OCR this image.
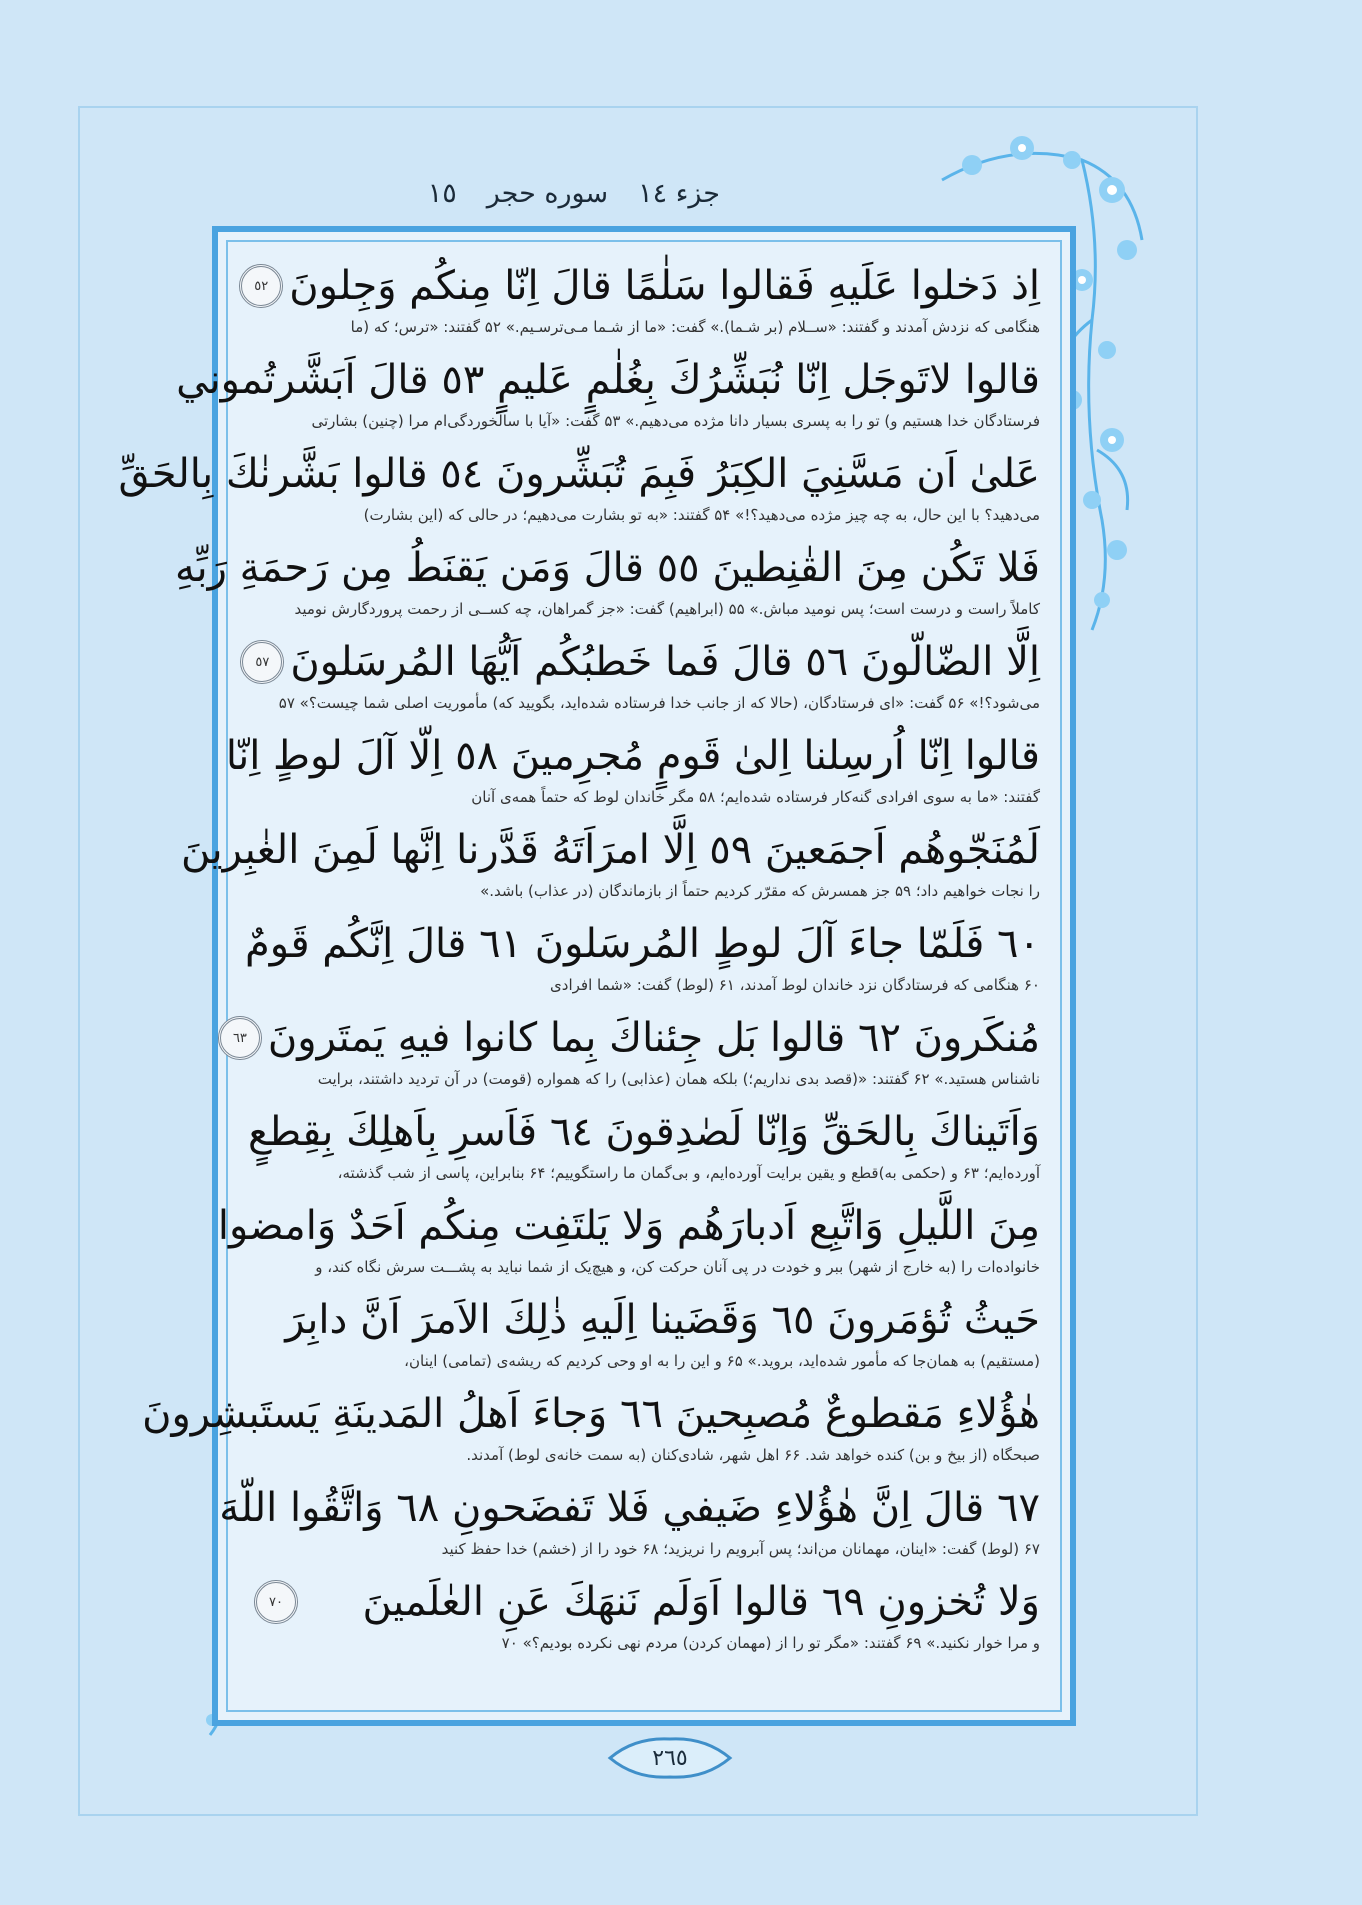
جزء ١٤
سوره حجر
١٥
اِذ دَخلوا عَلَيهِ فَقالوا سَلٰمًا قالَ اِنّا مِنكُم وَجِلونَ
٥٢
هنگامی که نزدش آمدند و گفتند: «ســلام (بر شـما).» گفت: «ما از شـما مـی‌ترسـیم.» ۵۲ گفتند: «ترس؛ که (ما
قالوا لاتَوجَل اِنّا نُبَشِّرُكَ بِغُلٰمٍ عَليمٍ ٥٣ قالَ اَبَشَّرتُموني
فرستادگان خدا هستیم و) تو را به پسری بسیار دانا مژده می‌دهیم.» ۵۳ گفت: «آیا با سالخوردگی‌ام مرا (چنین) بشارتی
عَلىٰ اَن مَسَّنِيَ الكِبَرُ فَبِمَ تُبَشِّرونَ ٥٤ قالوا بَشَّرنٰكَ بِالحَقِّ
می‌دهید؟ با این حال، به چه چیز مژده می‌دهید؟!» ۵۴ گفتند: «به تو بشارت می‌دهیم؛ در حالی که (این بشارت)
فَلا تَكُن مِنَ القٰنِطينَ ٥٥ قالَ وَمَن يَقنَطُ مِن رَحمَةِ رَبِّهِ
کاملاً راست و درست است؛ پس نومید مباش.» ۵۵ (ابراهیم) گفت: «جز گمراهان، چه کســی از رحمت پروردگارش نومید
اِلَّا الضّالّونَ ٥٦ قالَ فَما خَطبُكُم اَيُّهَا المُرسَلونَ
٥٧
می‌شود؟!» ۵۶ گفت: «ای فرستادگان، (حالا که از جانب خدا فرستاده شده‌اید، بگویید که) مأموریت اصلی شما چیست؟» ۵۷
قالوا اِنّا اُرسِلنا اِلىٰ قَومٍ مُجرِمينَ ٥٨ اِلّا آلَ لوطٍ اِنّا
گفتند: «ما به سوی افرادی گنه‌کار فرستاده شده‌ایم؛ ۵۸ مگر خاندان لوط که حتماً همه‌ی آنان
لَمُنَجّوهُم اَجمَعينَ ٥٩ اِلَّا امرَاَتَهُ قَدَّرنا اِنَّها لَمِنَ الغٰبِرينَ
را نجات خواهیم داد؛ ۵۹ جز همسرش که مقرّر کردیم حتماً از بازماندگان (در عذاب) باشد.»
٦٠ فَلَمّا جاءَ آلَ لوطٍ المُرسَلونَ ٦١ قالَ اِنَّكُم قَومٌ
۶۰ هنگامی که فرستادگان نزد خاندان لوط آمدند، ۶۱ (لوط) گفت: «شما افرادی
مُنكَرونَ ٦٢ قالوا بَل جِئناكَ بِما كانوا فيهِ يَمتَرونَ
٦٣
ناشناس هستید.» ۶۲ گفتند: «(قصد بدی نداریم؛) بلکه همان (عذابی) را که همواره (قومت) در آن تردید داشتند، برایت
وَاَتَيناكَ بِالحَقِّ وَاِنّا لَصٰدِقونَ ٦٤ فَاَسرِ بِاَهلِكَ بِقِطعٍ
آورده‌ایم؛ ۶۳ و (حکمی به)قطع و یقین برایت آورده‌ایم، و بی‌گمان ما راستگوییم؛ ۶۴ بنابراین، پاسی از شب گذشته،
مِنَ اللَّيلِ وَاتَّبِع اَدبارَهُم وَلا يَلتَفِت مِنكُم اَحَدٌ وَامضوا
خانواده‌ات را (به خارج از شهر) ببر و خودت در پی آنان حرکت کن، و هیچ‌یک از شما نباید به پشـــت سرش نگاه کند، و
حَيثُ تُؤمَرونَ ٦٥ وَقَضَينا اِلَيهِ ذٰلِكَ الاَمرَ اَنَّ دابِرَ
(مستقیم) به همان‌جا که مأمور شده‌اید، بروید.» ۶۵ و این را به او وحی کردیم که ریشه‌ی (تمامی) اینان،
هٰؤُلاءِ مَقطوعٌ مُصبِحينَ ٦٦ وَجاءَ اَهلُ المَدينَةِ يَستَبشِرونَ
صبحگاه (از بیخ و بن) کنده خواهد شد. ۶۶ اهل شهر، شادی‌کنان (به سمت خانه‌ی لوط) آمدند.
٦٧ قالَ اِنَّ هٰؤُلاءِ ضَيفي فَلا تَفضَحونِ ٦٨ وَاتَّقُوا اللّهَ
۶۷ (لوط) گفت: «اینان، مهمانان من‌اند؛ پس آبرویم را نریزید؛ ۶۸ خود را از (خشم) خدا حفظ کنید
وَلا تُخزونِ ٦٩ قالوا اَوَلَم نَنهَكَ عَنِ العٰلَمينَ
٧٠
و مرا خوار نکنید.» ۶۹ گفتند: «مگر تو را از (مهمان کردن) مردم نهی نکرده بودیم؟» ۷۰
٢٦٥
